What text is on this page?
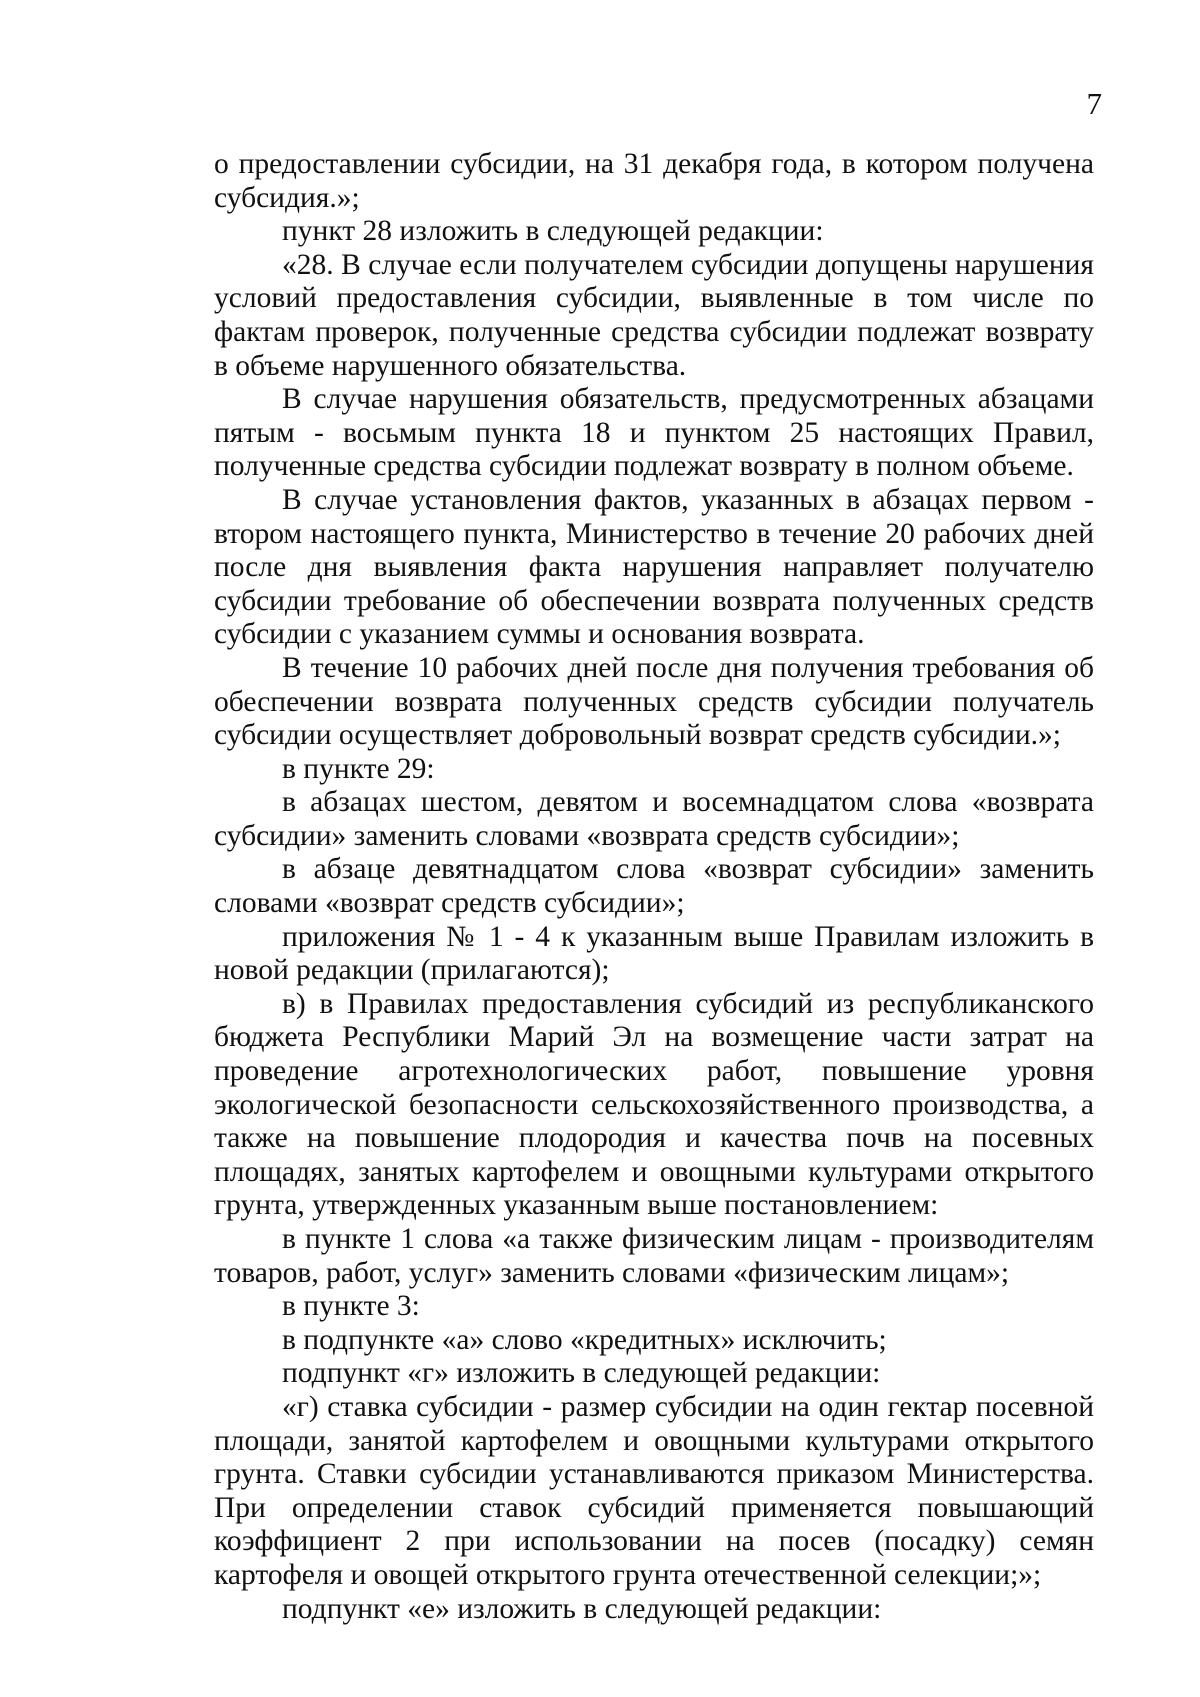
7

о предоставлении субсидии, на 31 декабря года, в котором получена субсидия.»;

пункт 28 изложить в следующей редакции:

«28. В случае если получателем субсидии допущены нарушения условий предоставления субсидии, выявленные в том числе по фактам проверок, полученные средства субсидии подлежат возврату в объеме нарушенного обязательства.

В случае нарушения обязательств, предусмотренных абзацами пятым - восьмым пункта 18 и пунктом 25 настоящих Правил, полученные средства субсидии подлежат возврату в полном объеме.

В случае установления фактов, указанных в абзацах первом - втором настоящего пункта, Министерство в течение 20 рабочих дней после дня выявления факта нарушения направляет получателю субсидии требование об обеспечении возврата полученных средств субсидии с указанием суммы и основания возврата.

В течение 10 рабочих дней после дня получения требования об обеспечении возврата полученных средств субсидии получатель субсидии осуществляет добровольный возврат средств субсидии.»;

в пункте 29:

в абзацах шестом, девятом и восемнадцатом слова «возврата субсидии» заменить словами «возврата средств субсидии»;

в абзаце девятнадцатом слова «возврат субсидии» заменить словами «возврат средств субсидии»;

приложения № 1 - 4 к указанным выше Правилам изложить в новой редакции (прилагаются);

в) в Правилах предоставления субсидий из республиканского бюджета Республики Марий Эл на возмещение части затрат на проведение агротехнологических работ, повышение уровня экологической безопасности сельскохозяйственного производства, а также на повышение плодородия и качества почв на посевных площадях, занятых картофелем и овощными культурами открытого грунта, утвержденных указанным выше постановлением:

в пункте 1 слова «а также физическим лицам - производителям товаров, работ, услуг» заменить словами «физическим лицам»;

в пункте 3:

в подпункте «а» слово «кредитных» исключить;

подпункт «г» изложить в следующей редакции:

«г) ставка субсидии - размер субсидии на один гектар посевной площади, занятой картофелем и овощными культурами открытого грунта. Ставки субсидии устанавливаются приказом Министерства. При определении ставок субсидий применяется повышающий коэффициент 2 при использовании на посев (посадку) семян картофеля и овощей открытого грунта отечественной селекции;»;

подпункт «е» изложить в следующей редакции:
